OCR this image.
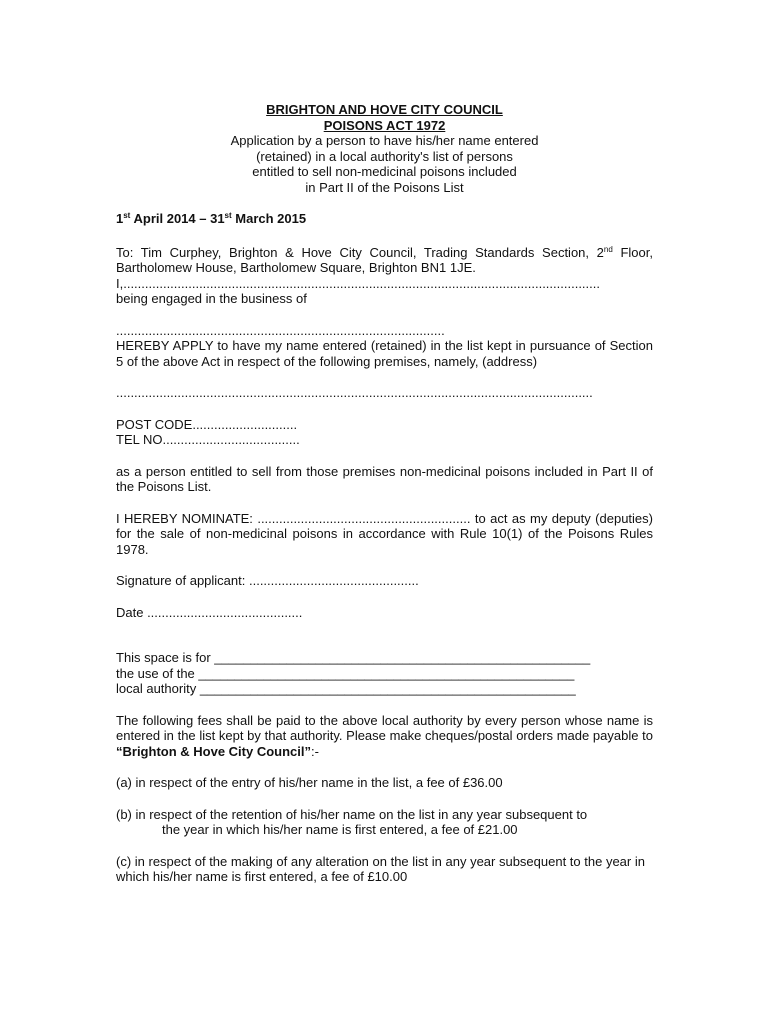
BRIGHTON AND HOVE CITY COUNCIL

POISONS ACT 1972

Application by a person to have his/her name entered

(retained) in a local authority's list of persons

entitled to sell non-medicinal poisons included

in Part II of the Poisons List

1st April 2014 – 31st March 2015

To: Tim Curphey, Brighton & Hove City Council, Trading Standards Section, 2nd Floor, Bartholomew House, Bartholomew Square, Brighton BN1 1JE.

I,....................................................................................................................................

being engaged in the business of

...........................................................................................

HEREBY APPLY to have my name entered (retained) in the list kept in pursuance of Section 5 of the above Act in respect of the following premises, namely, (address)

....................................................................................................................................

POST CODE.............................

TEL NO......................................

as a person entitled to sell from those premises non-medicinal poisons included in Part II of the Poisons List.

I HEREBY NOMINATE: ........................................................... to act as my deputy (deputies) for the sale of non-medicinal poisons in accordance with Rule 10(1) of the Poisons Rules 1978.

Signature of applicant: ...............................................

Date ...........................................

This space is for ____________________________________________________

the use of the ____________________________________________________

local authority ____________________________________________________

The following fees shall be paid to the above local authority by every person whose name is entered in the list kept by that authority. Please make cheques/postal orders made payable to “Brighton & Hove City Council”:-

(a) in respect of the entry of his/her name in the list, a fee of £36.00

(b) in respect of the retention of his/her name on the list in any year subsequent to

the year in which his/her name is first entered, a fee of £21.00

(c) in respect of the making of any alteration on the list in any year subsequent to the year in which his/her name is first entered, a fee of £10.00
